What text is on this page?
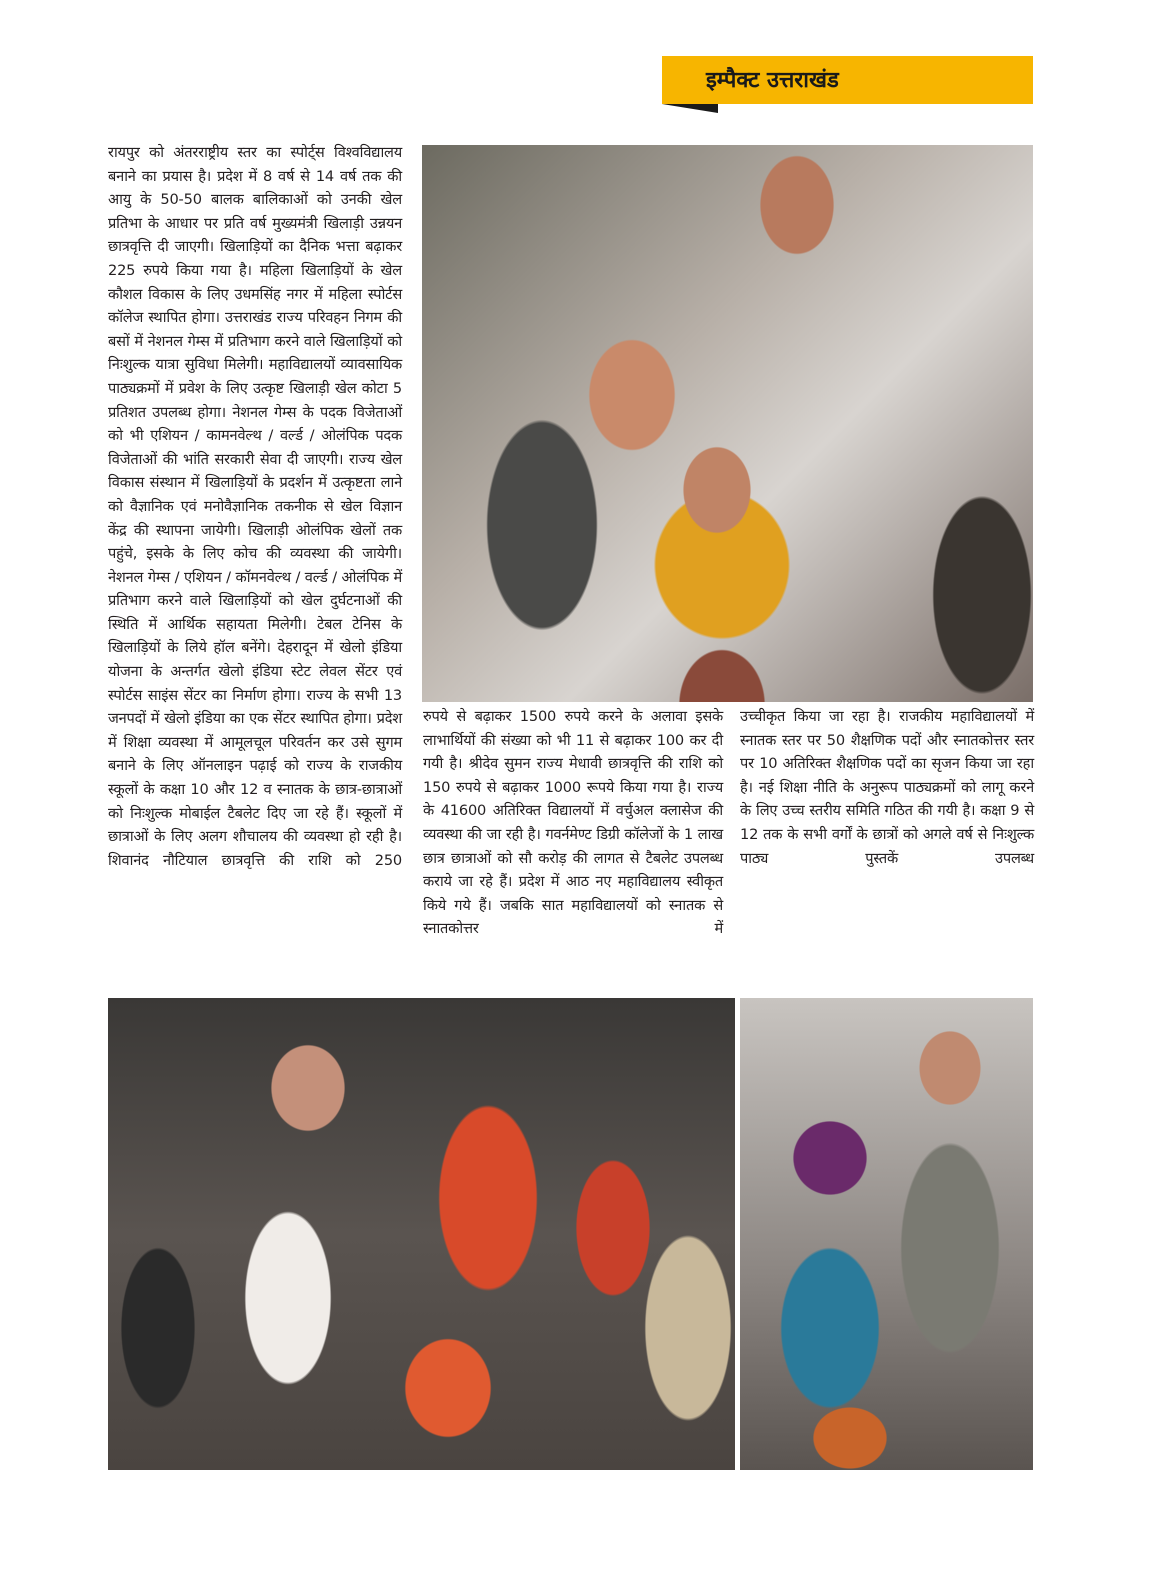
इम्पैक्ट उत्तराखंड

रायपुर को अंतरराष्ट्रीय स्तर का स्पोर्ट्स विश्वविद्यालय बनाने का प्रयास है। प्रदेश में 8 वर्ष से 14 वर्ष तक की आयु के 50-50 बालक बालिकाओं को उनकी खेल प्रतिभा के आधार पर प्रति वर्ष मुख्यमंत्री खिलाड़ी उन्नयन छात्रवृत्ति दी जाएगी। खिलाड़ियों का दैनिक भत्ता बढ़ाकर 225 रुपये किया गया है। महिला खिलाड़ियों के खेल कौशल विकास के लिए उधमसिंह नगर में महिला स्पोर्टस कॉलेज स्थापित होगा। उत्तराखंड राज्य परिवहन निगम की बसों में नेशनल गेम्स में प्रतिभाग करने वाले खिलाड़ियों को निःशुल्क यात्रा सुविधा मिलेगी। महाविद्यालयों व्यावसायिक पाठ्यक्रमों में प्रवेश के लिए उत्कृष्ट खिलाड़ी खेल कोटा 5 प्रतिशत उपलब्ध होगा। नेशनल गेम्स के पदक विजेताओं को भी एशियन / कामनवेल्थ / वर्ल्ड / ओलंपिक पदक विजेताओं की भांति सरकारी सेवा दी जाएगी। राज्य खेल विकास संस्थान में खिलाड़ियों के प्रदर्शन में उत्कृष्टता लाने को वैज्ञानिक एवं मनोवैज्ञानिक तकनीक से खेल विज्ञान केंद्र की स्थापना जायेगी। खिलाड़ी ओलंपिक खेलों तक पहुंचे, इसके के लिए कोच की व्यवस्था की जायेगी। नेशनल गेम्स / एशियन / कॉमनवेल्थ / वर्ल्ड / ओलंपिक में प्रतिभाग करने वाले खिलाड़ियों को खेल दुर्घटनाओं की स्थिति में आर्थिक सहायता मिलेगी। टेबल टेनिस के खिलाड़ियों के लिये हॉल बनेंगे। देहरादून में खेलो इंडिया योजना के अन्तर्गत खेलो इंडिया स्टेट लेवल सेंटर एवं स्पोर्टस साइंस सेंटर का निर्माण होगा। राज्य के सभी 13 जनपदों में खेलो इंडिया का एक सेंटर स्थापित होगा। प्रदेश में शिक्षा व्यवस्था में आमूलचूल परिवर्तन कर उसे सुगम बनाने के लिए ऑनलाइन पढ़ाई को राज्य के राजकीय स्कूलों के कक्षा 10 और 12 व स्नातक के छात्र-छात्राओं को निःशुल्क मोबाईल टैबलेट दिए जा रहे हैं। स्कूलों में छात्राओं के लिए अलग शौचालय की व्यवस्था हो रही है। शिवानंद नौटियाल छात्रवृत्ति की राशि को 250

रुपये से बढ़ाकर 1500 रुपये करने के अलावा इसके लाभार्थियों की संख्या को भी 11 से बढ़ाकर 100 कर दी गयी है। श्रीदेव सुमन राज्य मेधावी छात्रवृत्ति की राशि को 150 रुपये से बढ़ाकर 1000 रूपये किया गया है। राज्य के 41600 अतिरिक्त विद्यालयों में वर्चुअल क्लासेज की व्यवस्था की जा रही है। गवर्नमेण्ट डिग्री कॉलेजों के 1 लाख छात्र छात्राओं को सौ करोड़ की लागत से टैबलेट उपलब्ध कराये जा रहे हैं। प्रदेश में आठ नए महाविद्यालय स्वीकृत किये गये हैं। जबकि सात महाविद्यालयों को स्नातक से स्नातकोत्तर में

उच्चीकृत किया जा रहा है। राजकीय महाविद्यालयों में स्नातक स्तर पर 50 शैक्षणिक पदों और स्नातकोत्तर स्तर पर 10 अतिरिक्त शैक्षणिक पदों का सृजन किया जा रहा है। नई शिक्षा नीति के अनुरूप पाठ्यक्रमों को लागू करने के लिए उच्च स्तरीय समिति गठित की गयी है। कक्षा 9 से 12 तक के सभी वर्गों के छात्रों को अगले वर्ष से निःशुल्क पाठ्य पुस्तकें उपलब्ध
